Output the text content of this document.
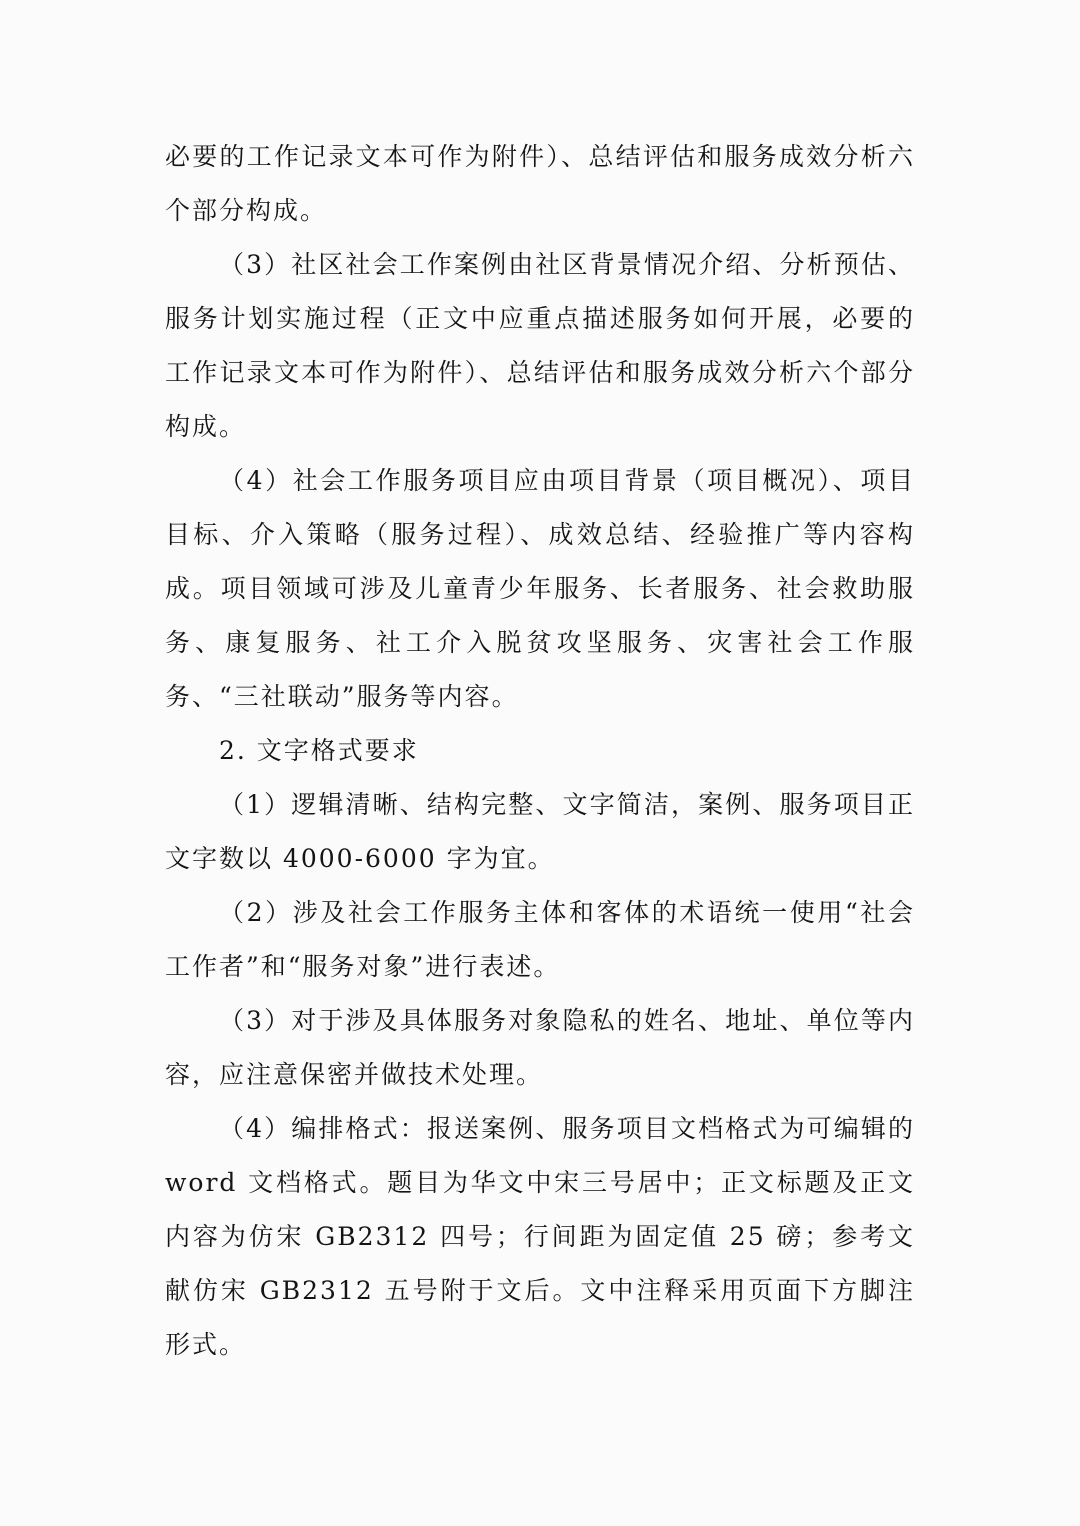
必要的工作记录文本可作为附件）、总结评估和服务成效分析六个部分构成。

（3）社区社会工作案例由社区背景情况介绍、分析预估、服务计划实施过程（正文中应重点描述服务如何开展，必要的工作记录文本可作为附件）、总结评估和服务成效分析六个部分构成。

（4）社会工作服务项目应由项目背景（项目概况）、项目目标、介入策略（服务过程）、成效总结、经验推广等内容构成。项目领域可涉及儿童青少年服务、长者服务、社会救助服务、康复服务、社工介入脱贫攻坚服务、灾害社会工作服务、“三社联动”服务等内容。

2. 文字格式要求

（1）逻辑清晰、结构完整、文字简洁，案例、服务项目正文字数以 4000-6000 字为宜。

（2）涉及社会工作服务主体和客体的术语统一使用“社会工作者”和“服务对象”进行表述。

（3）对于涉及具体服务对象隐私的姓名、地址、单位等内容，应注意保密并做技术处理。

（4）编排格式：报送案例、服务项目文档格式为可编辑的 word 文档格式。题目为华文中宋三号居中；正文标题及正文内容为仿宋 GB2312 四号；行间距为固定值 25 磅；参考文献仿宋 GB2312 五号附于文后。文中注释采用页面下方脚注形式。
